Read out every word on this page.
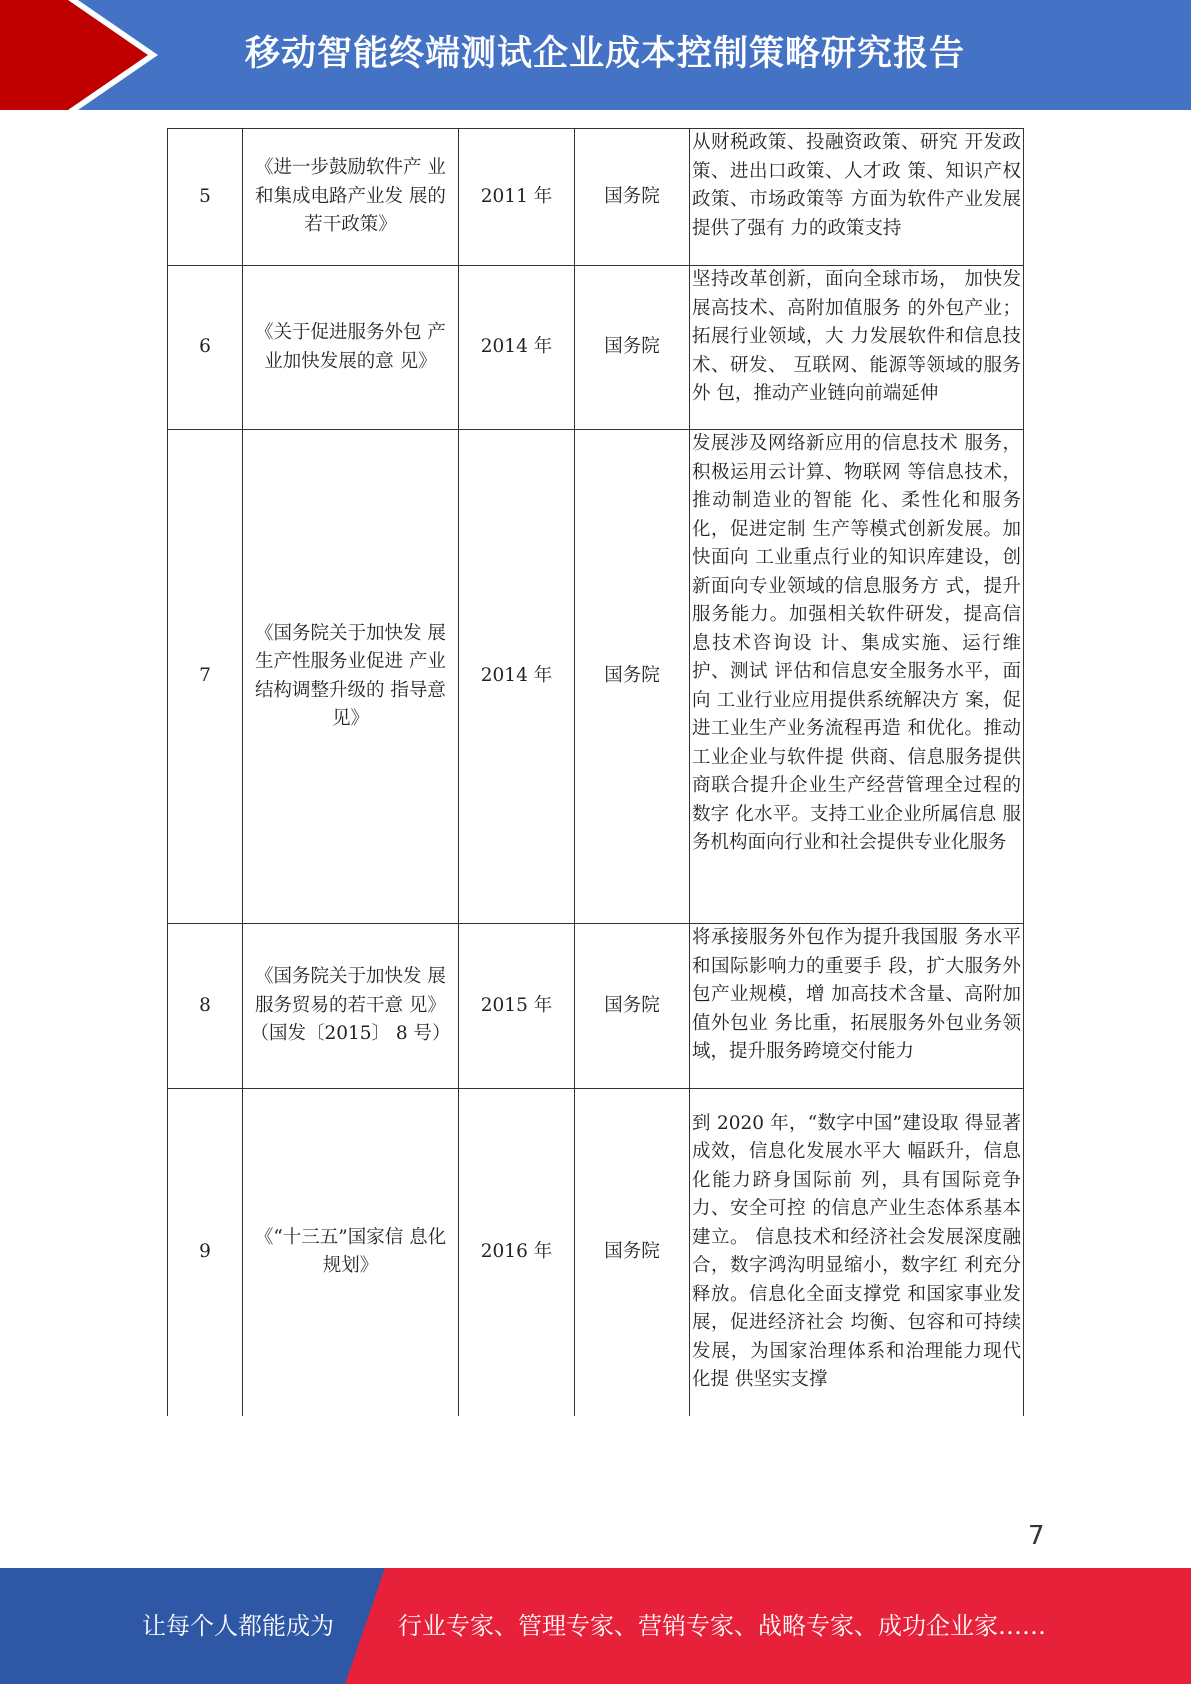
移动智能终端测试企业成本控制策略研究报告
5	《进一步鼓励软件产 业和集成电路产业发 展的若干政策》	2011 年	国务院	从财税政策、投融资政策、研究 开发政策、进出口政策、人才政 策、知识产权政策、市场政策等 方面为软件产业发展提供了强有 力的政策支持
6	《关于促进服务外包 产业加快发展的意 见》	2014 年	国务院	坚持改革创新，面向全球市场， 加快发展高技术、高附加值服务 的外包产业；拓展行业领域，大 力发展软件和信息技术、研发、 互联网、能源等领域的服务外 包，推动产业链向前端延伸
7	《国务院关于加快发 展生产性服务业促进 产业结构调整升级的 指导意见》	2014 年	国务院	发展涉及网络新应用的信息技术 服务，积极运用云计算、物联网 等信息技术，推动制造业的智能 化、柔性化和服务化，促进定制 生产等模式创新发展。加快面向 工业重点行业的知识库建设，创 新面向专业领域的信息服务方 式，提升服务能力。加强相关软件研发，提高信息技术咨询设 计、集成实施、运行维护、测试 评估和信息安全服务水平，面向 工业行业应用提供系统解决方 案，促进工业生产业务流程再造 和优化。推动工业企业与软件提 供商、信息服务提供商联合提升企业生产经营管理全过程的数字 化水平。支持工业企业所属信息 服务机构面向行业和社会提供专业化服务
8	《国务院关于加快发 展服务贸易的若干意 见》（国发〔2015〕 8 号）	2015 年	国务院	将承接服务外包作为提升我国服 务水平和国际影响力的重要手 段，扩大服务外包产业规模，增 加高技术含量、高附加值外包业 务比重，拓展服务外包业务领 域，提升服务跨境交付能力
9	《“十三五”国家信 息化规划》	2016 年	国务院	到 2020 年，“数字中国”建设取 得显著成效，信息化发展水平大 幅跃升，信息化能力跻身国际前 列，具有国际竞争力、安全可控 的信息产业生态体系基本建立。 信息技术和经济社会发展深度融 合，数字鸿沟明显缩小，数字红 利充分释放。信息化全面支撑党 和国家事业发展，促进经济社会 均衡、包容和可持续发展，为国家治理体系和治理能力现代化提 供坚实支撑
7
让每个人都能成为	行业专家、管理专家、营销专家、战略专家、成功企业家……
